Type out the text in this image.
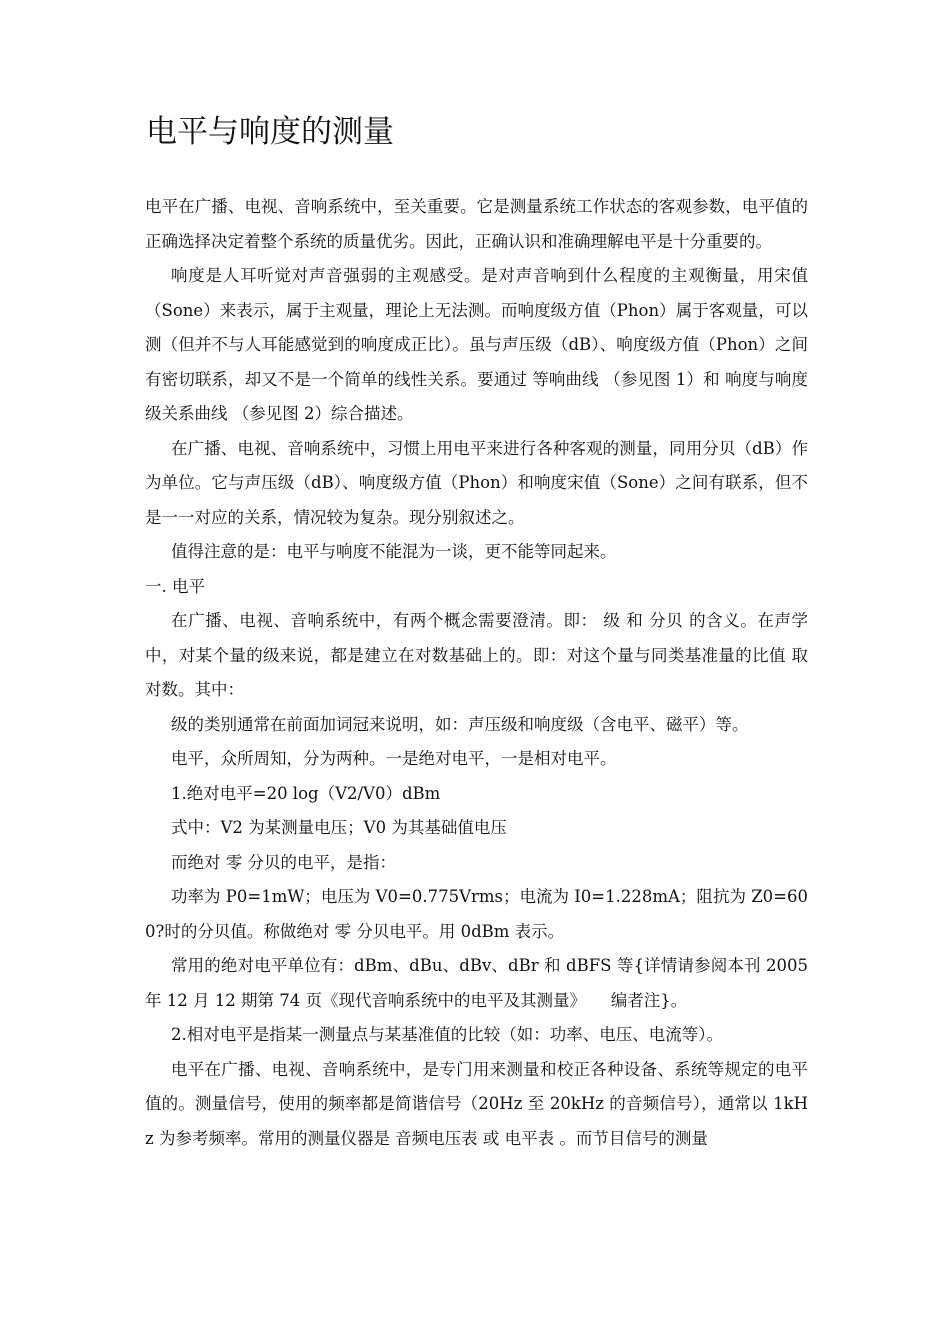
电平与响度的测量

电平在广播、电视、音响系统中，至关重要。它是测量系统工作状态的客观参数，电平值的正确选择决定着整个系统的质量优劣。因此，正确认识和准确理解电平是十分重要的。

响度是人耳听觉对声音强弱的主观感受。是对声音响到什么程度的主观衡量，用宋值（Sone）来表示，属于主观量，理论上无法测。而响度级方值（Phon）属于客观量，可以测（但并不与人耳能感觉到的响度成正比）。虽与声压级（dB）、响度级方值（Phon）之间有密切联系，却又不是一个简单的线性关系。要通过 等响曲线 （参见图 1）和 响度与响度级关系曲线 （参见图 2）综合描述。

在广播、电视、音响系统中，习惯上用电平来进行各种客观的测量，同用分贝（dB）作为单位。它与声压级（dB）、响度级方值（Phon）和响度宋值（Sone）之间有联系，但不是一一对应的关系，情况较为复杂。现分别叙述之。

值得注意的是：电平与响度不能混为一谈，更不能等同起来。

一. 电平

在广播、电视、音响系统中，有两个概念需要澄清。即： 级 和 分贝 的含义。在声学中，对某个量的级来说，都是建立在对数基础上的。即：对这个量与同类基准量的比值 取对数。其中：

级的类别通常在前面加词冠来说明，如：声压级和响度级（含电平、磁平）等。

电平，众所周知，分为两种。一是绝对电平，一是相对电平。

1.绝对电平=20 log（V2/V0）dBm

式中：V2 为某测量电压；V0 为其基础值电压

而绝对 零 分贝的电平，是指：

功率为 P0=1mW；电压为 V0=0.775Vrms；电流为 I0=1.228mA；阻抗为 Z0=600?时的分贝值。称做绝对 零 分贝电平。用 0dBm 表示。

常用的绝对电平单位有：dBm、dBu、dBv、dBr 和 dBFS 等{详情请参阅本刊 2005 年 12 月 12 期第 74 页《现代音响系统中的电平及其测量》　　编者注}。

2.相对电平是指某一测量点与某基准值的比较（如：功率、电压、电流等）。

电平在广播、电视、音响系统中，是专门用来测量和校正各种设备、系统等规定的电平值的。测量信号，使用的频率都是简谐信号（20Hz 至 20kHz 的音频信号），通常以 1kHz 为参考频率。常用的测量仪器是 音频电压表 或 电平表 。而节目信号的测量
